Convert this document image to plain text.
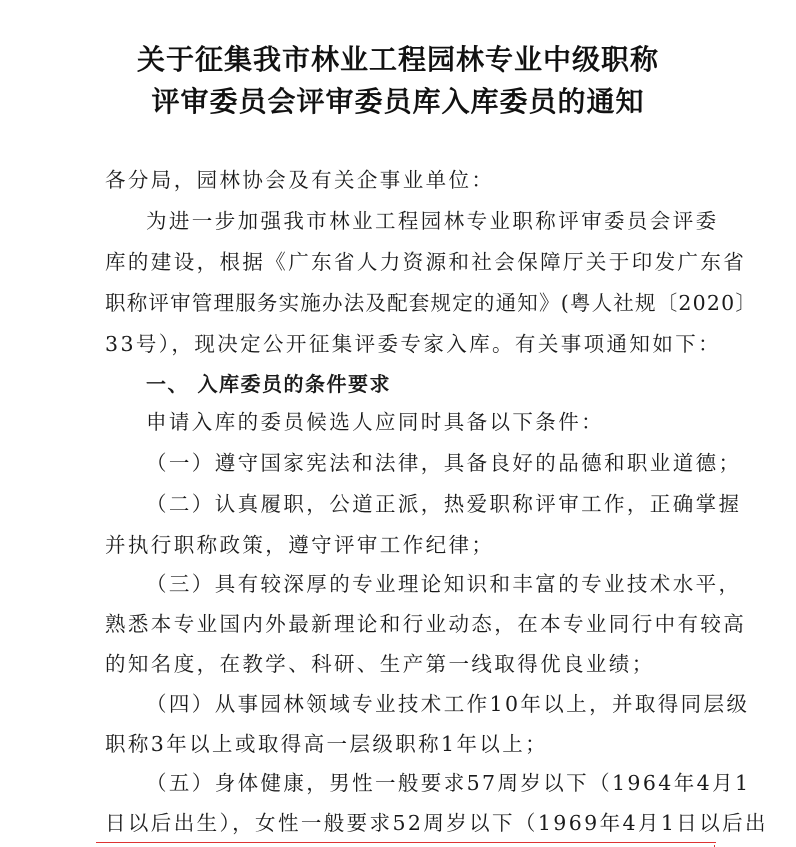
关于征集我市林业工程园林专业中级职称
评审委员会评审委员库入库委员的通知
各分局，园林协会及有关企事业单位：
为进一步加强我市林业工程园林专业职称评审委员会评委
库的建设，根据《广东省人力资源和社会保障厅关于印发广东省
职称评审管理服务实施办法及配套规定的通知》(粤人社规〔2020〕
33号），现决定公开征集评委专家入库。有关事项通知如下：
一、 入库委员的条件要求
申请入库的委员候选人应同时具备以下条件：
（一）遵守国家宪法和法律，具备良好的品德和职业道德；
（二）认真履职，公道正派，热爱职称评审工作，正确掌握
并执行职称政策，遵守评审工作纪律；
（三）具有较深厚的专业理论知识和丰富的专业技术水平，
熟悉本专业国内外最新理论和行业动态，在本专业同行中有较高
的知名度，在教学、科研、生产第一线取得优良业绩；
（四）从事园林领域专业技术工作10年以上，并取得同层级
职称3年以上或取得高一层级职称1年以上；
（五）身体健康，男性一般要求57周岁以下（1964年4月1
日以后出生），女性一般要求52周岁以下（1969年4月1日以后出
